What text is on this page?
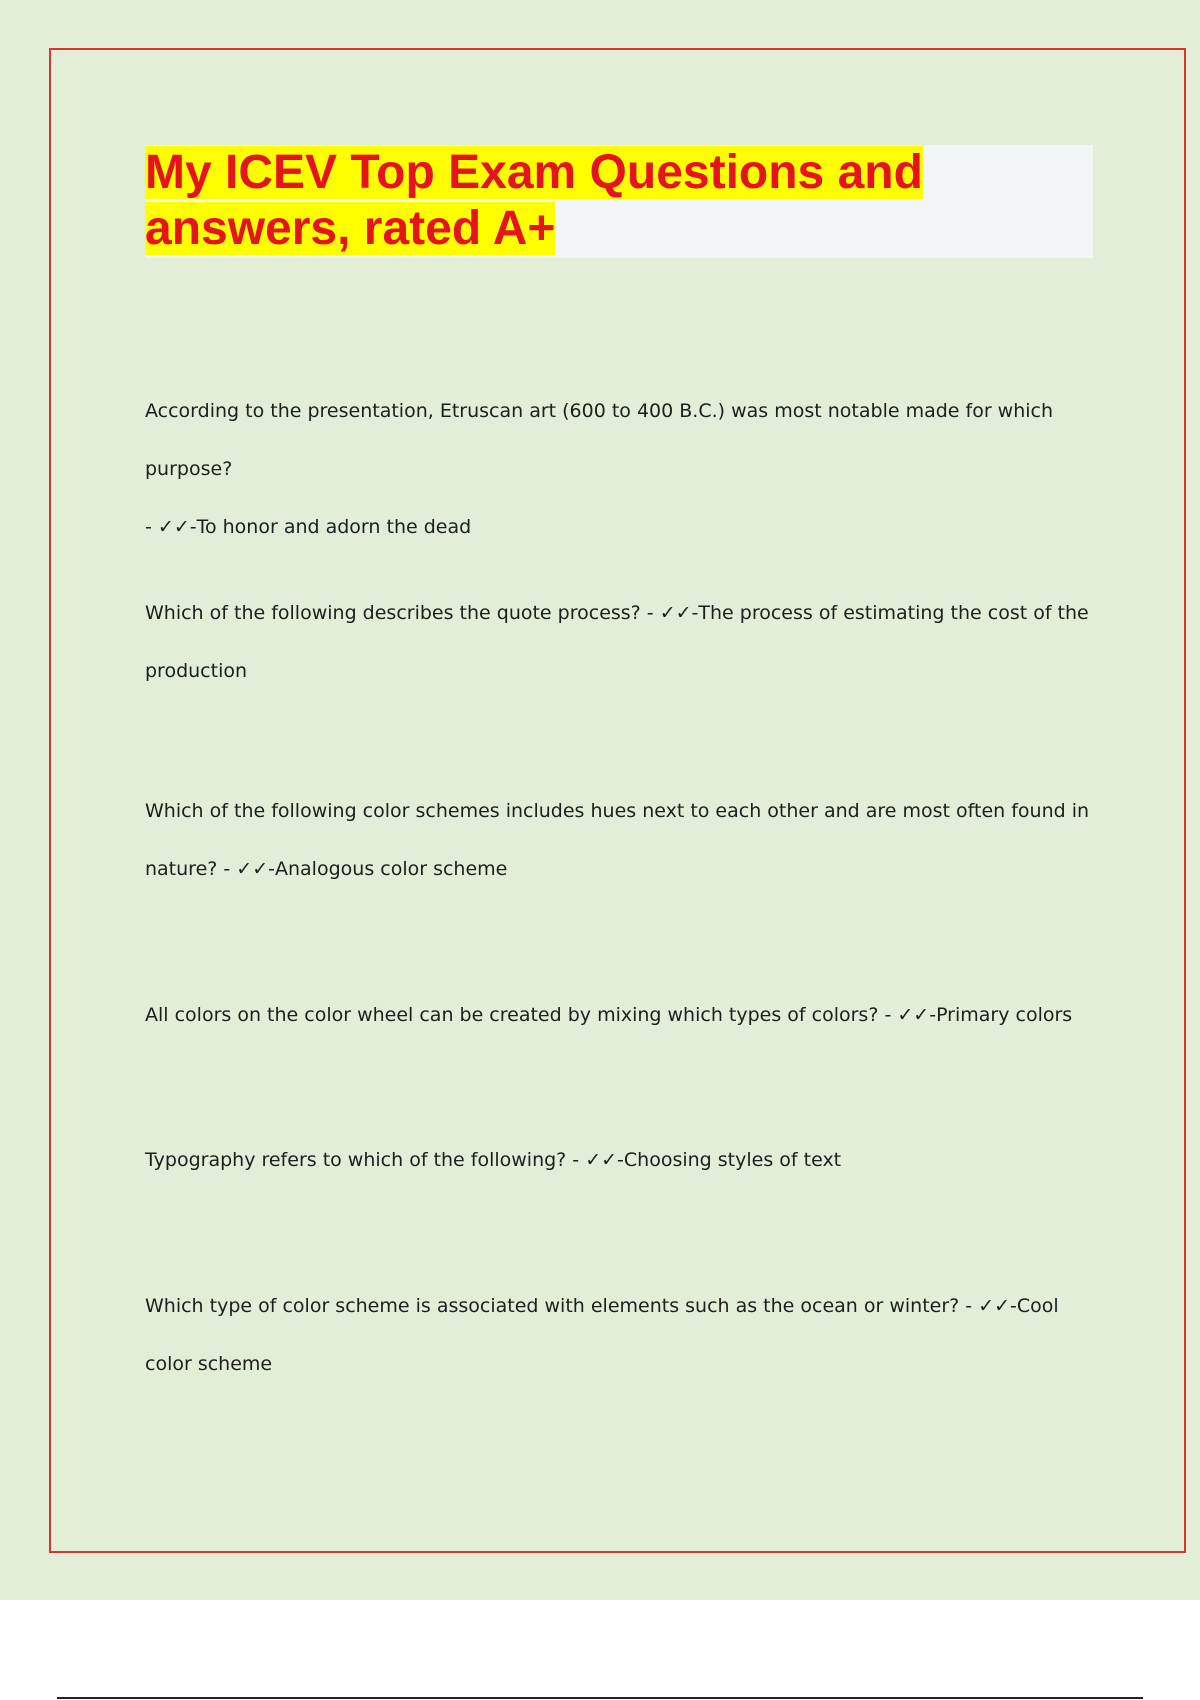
My ICEV Top Exam Questions and answers, rated A+

According to the presentation, Etruscan art (600 to 400 B.C.) was most notable made for which purpose?
- ✓✓-To honor and adorn the dead

Which of the following describes the quote process? - ✓✓-The process of estimating the cost of the production

Which of the following color schemes includes hues next to each other and are most often found in nature? - ✓✓-Analogous color scheme

All colors on the color wheel can be created by mixing which types of colors? - ✓✓-Primary colors

Typography refers to which of the following? - ✓✓-Choosing styles of text

Which type of color scheme is associated with elements such as the ocean or winter? - ✓✓-Cool color scheme
